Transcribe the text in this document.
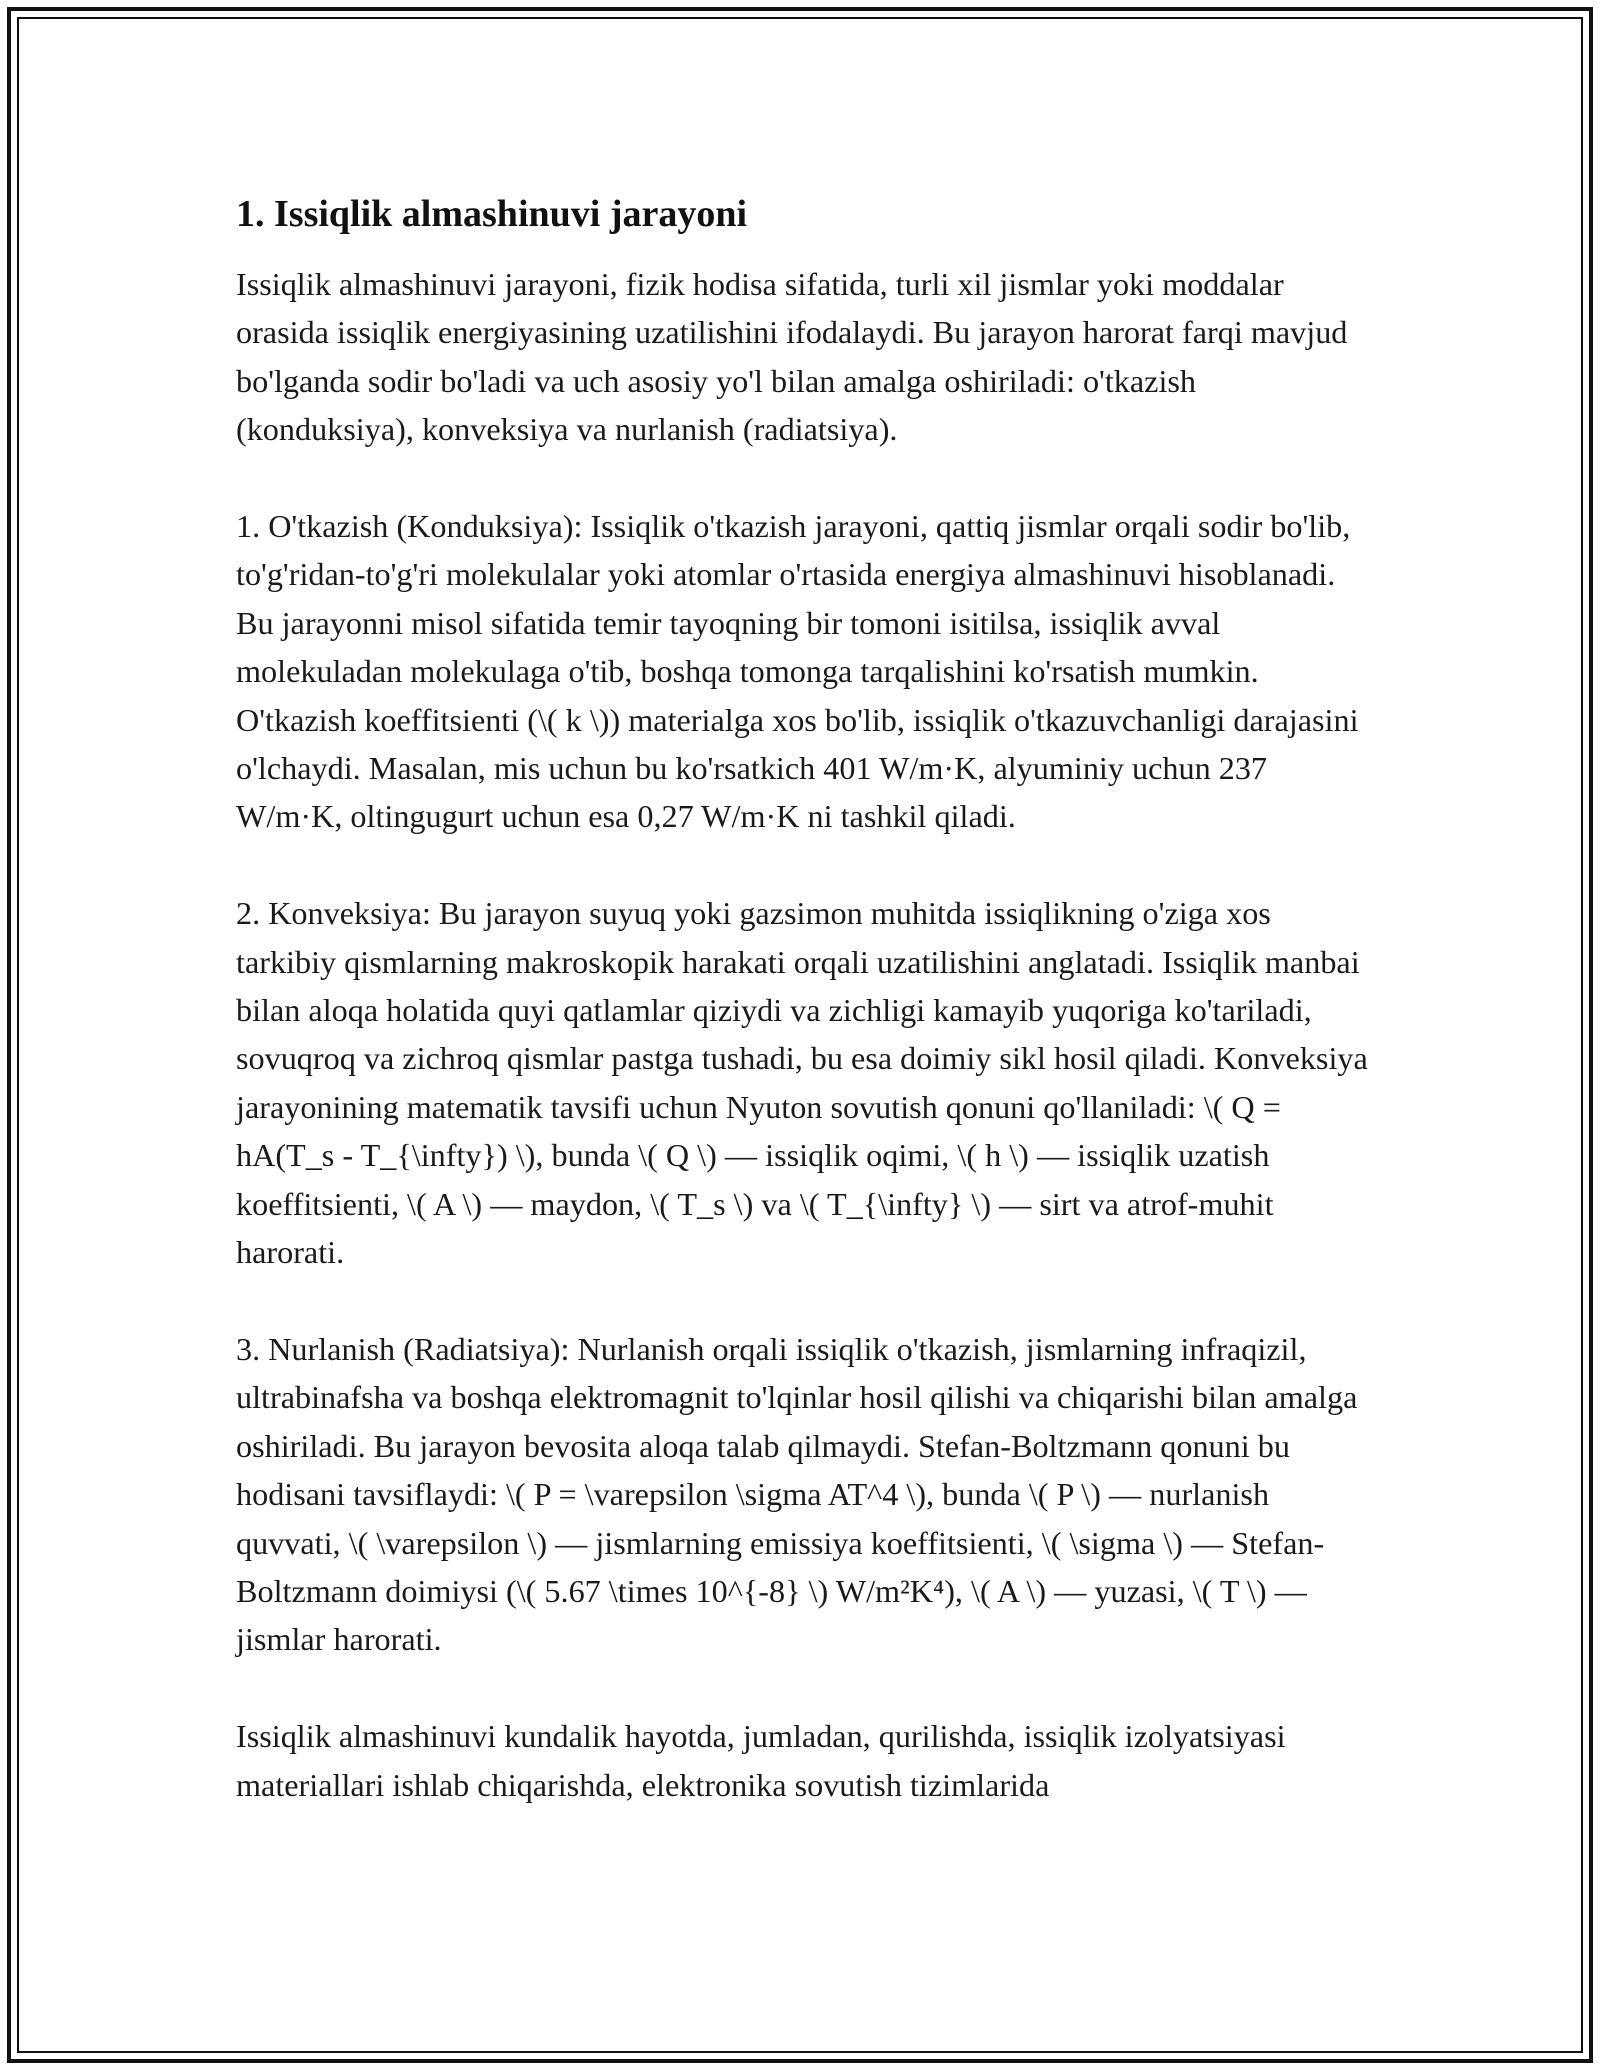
1. Issiqlik almashinuvi jarayoni

Issiqlik almashinuvi jarayoni, fizik hodisa sifatida, turli xil jismlar yoki moddalar orasida issiqlik energiyasining uzatilishini ifodalaydi. Bu jarayon harorat farqi mavjud bo'lganda sodir bo'ladi va uch asosiy yo'l bilan amalga oshiriladi: o'tkazish (konduksiya), konveksiya va nurlanish (radiatsiya).

1. O'tkazish (Konduksiya): Issiqlik o'tkazish jarayoni, qattiq jismlar orqali sodir bo'lib, to'g'ridan-to'g'ri molekulalar yoki atomlar o'rtasida energiya almashinuvi hisoblanadi. Bu jarayonni misol sifatida temir tayoqning bir tomoni isitilsa, issiqlik avval molekuladan molekulaga o'tib, boshqa tomonga tarqalishini ko'rsatish mumkin. O'tkazish koeffitsienti (\( k \)) materialga xos bo'lib, issiqlik o'tkazuvchanligi darajasini o'lchaydi. Masalan, mis uchun bu ko'rsatkich 401 W/m·K, alyuminiy uchun 237 W/m·K, oltingugurt uchun esa 0,27 W/m·K ni tashkil qiladi.

2. Konveksiya: Bu jarayon suyuq yoki gazsimon muhitda issiqlikning o'ziga xos tarkibiy qismlarning makroskopik harakati orqali uzatilishini anglatadi. Issiqlik manbai bilan aloqa holatida quyi qatlamlar qiziydi va zichligi kamayib yuqoriga ko'tariladi, sovuqroq va zichroq qismlar pastga tushadi, bu esa doimiy sikl hosil qiladi. Konveksiya jarayonining matematik tavsifi uchun Nyuton sovutish qonuni qo'llaniladi: \( Q = hA(T_s - T_{\infty}) \), bunda \( Q \) — issiqlik oqimi, \( h \) — issiqlik uzatish koeffitsienti, \( A \) — maydon, \( T_s \) va \( T_{\infty} \) — sirt va atrof-muhit harorati.

3. Nurlanish (Radiatsiya): Nurlanish orqali issiqlik o'tkazish, jismlarning infraqizil, ultrabinafsha va boshqa elektromagnit to'lqinlar hosil qilishi va chiqarishi bilan amalga oshiriladi. Bu jarayon bevosita aloqa talab qilmaydi. Stefan-Boltzmann qonuni bu hodisani tavsiflaydi: \( P = \varepsilon \sigma AT^4 \), bunda \( P \) — nurlanish quvvati, \( \varepsilon \) — jismlarning emissiya koeffitsienti, \( \sigma \) — Stefan-Boltzmann doimiysi (\( 5.67 \times 10^{-8} \) W/m²K⁴), \( A \) — yuzasi, \( T \) — jismlar harorati.

Issiqlik almashinuvi kundalik hayotda, jumladan, qurilishda, issiqlik izolyatsiyasi materiallari ishlab chiqarishda, elektronika sovutish tizimlarida
